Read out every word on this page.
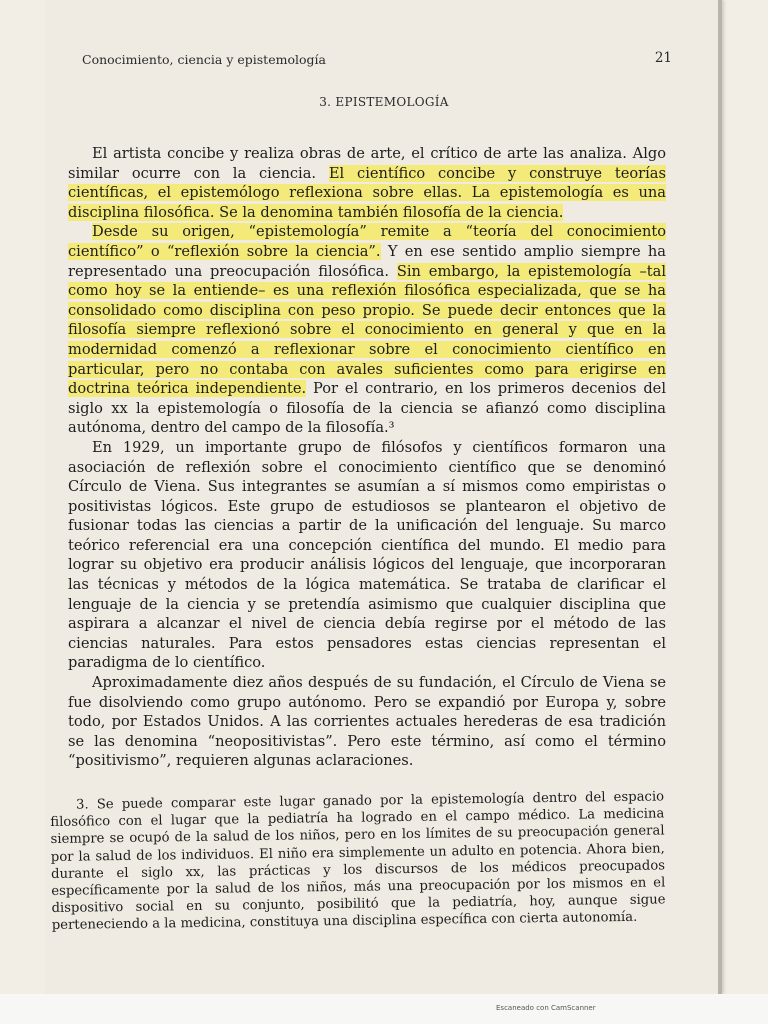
Conocimiento, ciencia y epistemología	21
3. EPISTEMOLOGÍA

El artista concibe y realiza obras de arte, el crítico de arte las analiza. Algo similar ocurre con la ciencia. El científico concibe y construye teorías científicas, el epistemólogo reflexiona sobre ellas. La epistemología es una disciplina filosófica. Se la denomina también filosofía de la ciencia.

Desde su origen, “epistemología” remite a “teoría del conocimiento científico” o “reflexión sobre la ciencia”. Y en ese sentido amplio siempre ha representado una preocupación filosófica. Sin embargo, la epistemología –tal como hoy se la entiende– es una reflexión filosófica especializada, que se ha consolidado como disciplina con peso propio. Se puede decir entonces que la filosofía siempre reflexionó sobre el conocimiento en general y que en la modernidad comenzó a reflexionar sobre el conocimiento científico en particular, pero no contaba con avales suficientes como para erigirse en doctrina teórica independiente. Por el contrario, en los primeros decenios del siglo xx la epistemología o filosofía de la ciencia se afianzó como disciplina autónoma, dentro del campo de la filosofía.³

En 1929, un importante grupo de filósofos y científicos formaron una asociación de reflexión sobre el conocimiento científico que se denominó Círculo de Viena. Sus integrantes se asumían a sí mismos como empiristas o positivistas lógicos. Este grupo de estudiosos se plantearon el objetivo de fusionar todas las ciencias a partir de la unificación del lenguaje. Su marco teórico referencial era una concepción científica del mundo. El medio para lograr su objetivo era producir análisis lógicos del lenguaje, que incorporaran las técnicas y métodos de la lógica matemática. Se trataba de clarificar el lenguaje de la ciencia y se pretendía asimismo que cualquier disciplina que aspirara a alcanzar el nivel de ciencia debía regirse por el método de las ciencias naturales. Para estos pensadores estas ciencias representan el paradigma de lo científico.

Aproximadamente diez años después de su fundación, el Círculo de Viena se fue disolviendo como grupo autónomo. Pero se expandió por Europa y, sobre todo, por Estados Unidos. A las corrientes actuales herederas de esa tradición se las denomina “neopositivistas”. Pero este término, así como el término “positivismo”, requieren algunas aclaraciones.

3. Se puede comparar este lugar ganado por la epistemología dentro del espacio filosófico con el lugar que la pediatría ha logrado en el campo médico. La medicina siempre se ocupó de la salud de los niños, pero en los límites de su preocupación general por la salud de los individuos. El niño era simplemente un adulto en potencia. Ahora bien, durante el siglo xx, las prácticas y los discursos de los médicos preocupados específicamente por la salud de los niños, más una preocupación por los mismos en el dispositivo social en su conjunto, posibilitó que la pediatría, hoy, aunque sigue perteneciendo a la medicina, constituya una disciplina específica con cierta autonomía.

Escaneado con CamScanner
